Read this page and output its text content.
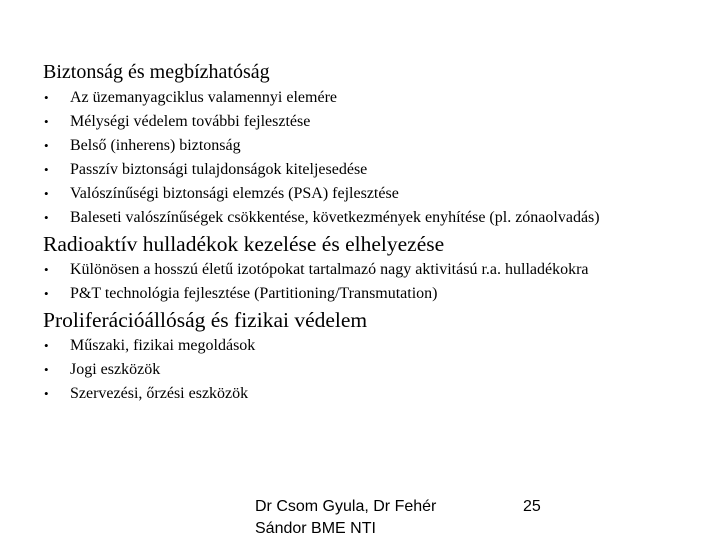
Biztonság és megbízhatóság
• Az üzemanyagciklus valamennyi elemére
• Mélységi védelem további fejlesztése
• Belső (inherens) biztonság
• Passzív biztonsági tulajdonságok kiteljesedése
• Valószínűségi biztonsági elemzés (PSA) fejlesztése
• Baleseti valószínűségek csökkentése, következmények enyhítése (pl. zónaolvadás)
Radioaktív hulladékok kezelése és elhelyezése
• Különösen a hosszú életű izotópokat tartalmazó nagy aktivitású r.a. hulladékokra
• P&T technológia fejlesztése (Partitioning/Transmutation)
Proliferációállóság és fizikai védelem
• Műszaki, fizikai megoldások
• Jogi eszközök
• Szervezési, őrzési eszközök
Dr Csom Gyula, Dr Fehér
Sándor BME NTI
25
